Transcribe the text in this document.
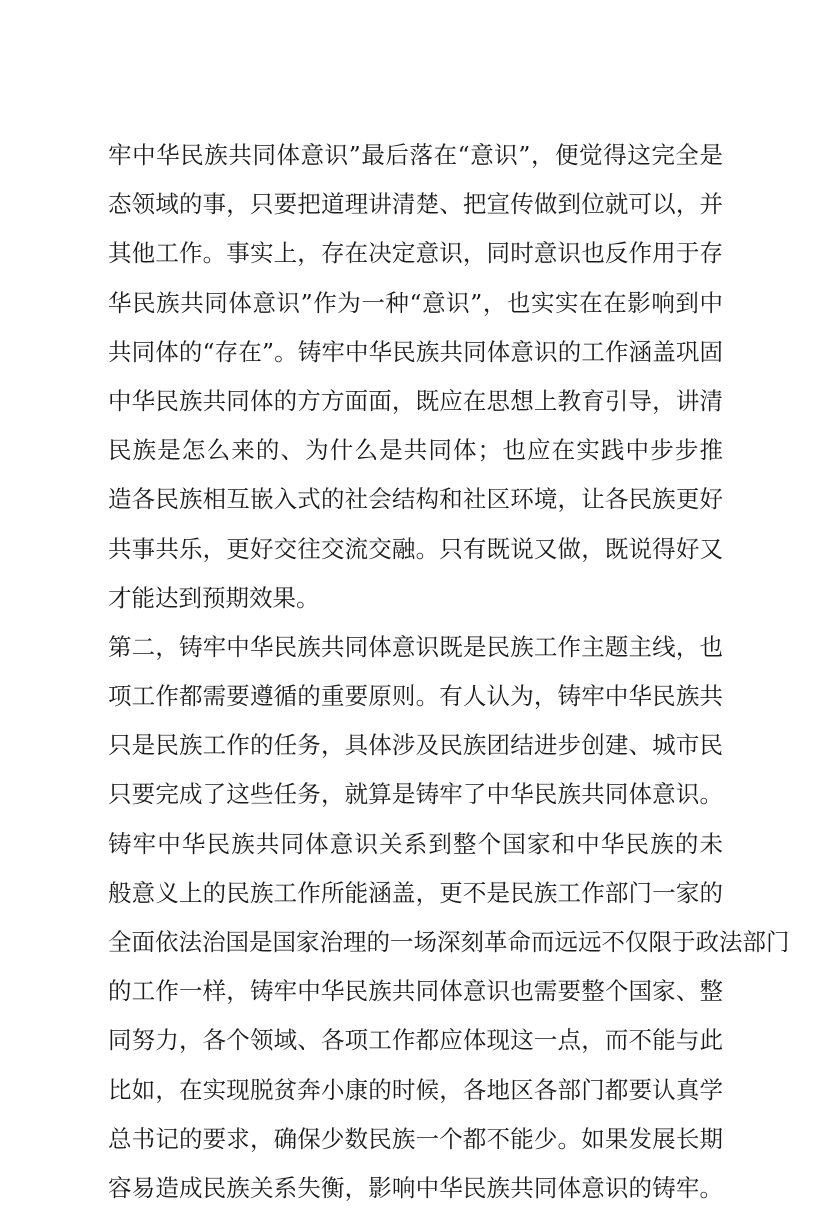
牢中华民族共同体意识”最后落在“意识”，便觉得这完全是
态领域的事，只要把道理讲清楚、把宣传做到位就可以，并
其他工作。事实上，存在决定意识，同时意识也反作用于存
华民族共同体意识”作为一种“意识”，也实实在在影响到中
共同体的“存在”。铸牢中华民族共同体意识的工作涵盖巩固
中华民族共同体的方方面面，既应在思想上教育引导，讲清
民族是怎么来的、为什么是共同体；也应在实践中步步推
造各民族相互嵌入式的社会结构和社区环境，让各民族更好
共事共乐，更好交往交流交融。只有既说又做，既说得好又
才能达到预期效果。
第二，铸牢中华民族共同体意识既是民族工作主题主线，也
项工作都需要遵循的重要原则。有人认为，铸牢中华民族共
只是民族工作的任务，具体涉及民族团结进步创建、城市民
只要完成了这些任务，就算是铸牢了中华民族共同体意识。
铸牢中华民族共同体意识关系到整个国家和中华民族的未
般意义上的民族工作所能涵盖，更不是民族工作部门一家的
全面依法治国是国家治理的一场深刻革命而远远不仅限于政法部门
的工作一样，铸牢中华民族共同体意识也需要整个国家、整
同努力，各个领域、各项工作都应体现这一点，而不能与此
比如，在实现脱贫奔小康的时候，各地区各部门都要认真学
总书记的要求，确保少数民族一个都不能少。如果发展长期
容易造成民族关系失衡，影响中华民族共同体意识的铸牢。
